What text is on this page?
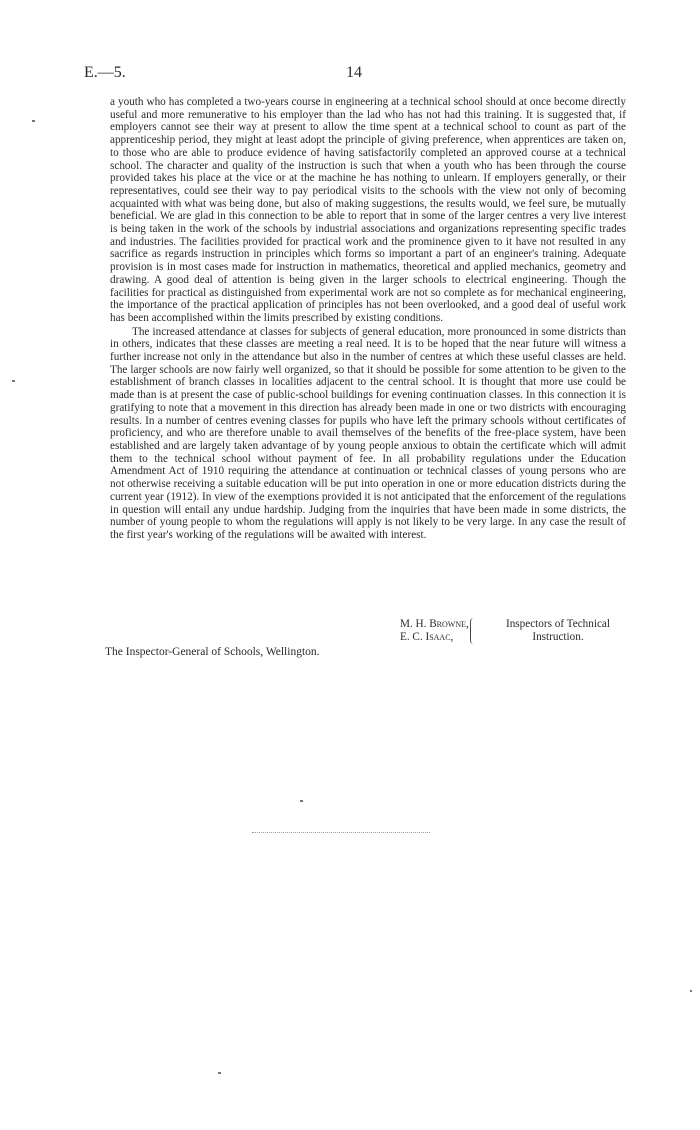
E.—5.	14

a youth who has completed a two-years course in engineering at a technical school should at once become directly useful and more remunerative to his employer than the lad who has not had this training. It is suggested that, if employers cannot see their way at present to allow the time spent at a technical school to count as part of the apprenticeship period, they might at least adopt the principle of giving preference, when apprentices are taken on, to those who are able to produce evidence of having satisfactorily completed an approved course at a technical school. The character and quality of the instruction is such that when a youth who has been through the course provided takes his place at the vice or at the machine he has nothing to unlearn. If employers generally, or their representatives, could see their way to pay periodical visits to the schools with the view not only of becoming acquainted with what was being done, but also of making suggestions, the results would, we feel sure, be mutually beneficial. We are glad in this connection to be able to report that in some of the larger centres a very live interest is being taken in the work of the schools by industrial associations and organizations representing specific trades and industries. The facilities provided for practical work and the prominence given to it have not resulted in any sacrifice as regards instruction in principles which forms so important a part of an engineer's training. Adequate provision is in most cases made for instruction in mathematics, theoretical and applied mechanics, geometry and drawing. A good deal of attention is being given in the larger schools to electrical engineering. Though the facilities for practical as distinguished from experimental work are not so complete as for mechanical engineering, the importance of the practical application of principles has not been overlooked, and a good deal of useful work has been accomplished within the limits prescribed by existing conditions.

The increased attendance at classes for subjects of general education, more pronounced in some districts than in others, indicates that these classes are meeting a real need. It is to be hoped that the near future will witness a further increase not only in the attendance but also in the number of centres at which these useful classes are held. The larger schools are now fairly well organized, so that it should be possible for some attention to be given to the establishment of branch classes in localities adjacent to the central school. It is thought that more use could be made than is at present the case of public-school buildings for evening continuation classes. In this connection it is gratifying to note that a movement in this direction has already been made in one or two districts with encouraging results. In a number of centres evening classes for pupils who have left the primary schools without certificates of proficiency, and who are therefore unable to avail themselves of the benefits of the free-place system, have been established and are largely taken advantage of by young people anxious to obtain the certificate which will admit them to the technical school without payment of fee. In all probability regulations under the Education Amendment Act of 1910 requiring the attendance at continuation or technical classes of young persons who are not otherwise receiving a suitable education will be put into operation in one or more education districts during the current year (1912). In view of the exemptions provided it is not anticipated that the enforcement of the regulations in question will entail any undue hardship. Judging from the inquiries that have been made in some districts, the number of young people to whom the regulations will apply is not likely to be very large. In any case the result of the first year's working of the regulations will be awaited with interest.

M. H. Browne,
E. C. Isaac,
Inspectors of Technical
Instruction.
The Inspector-General of Schools, Wellington.
